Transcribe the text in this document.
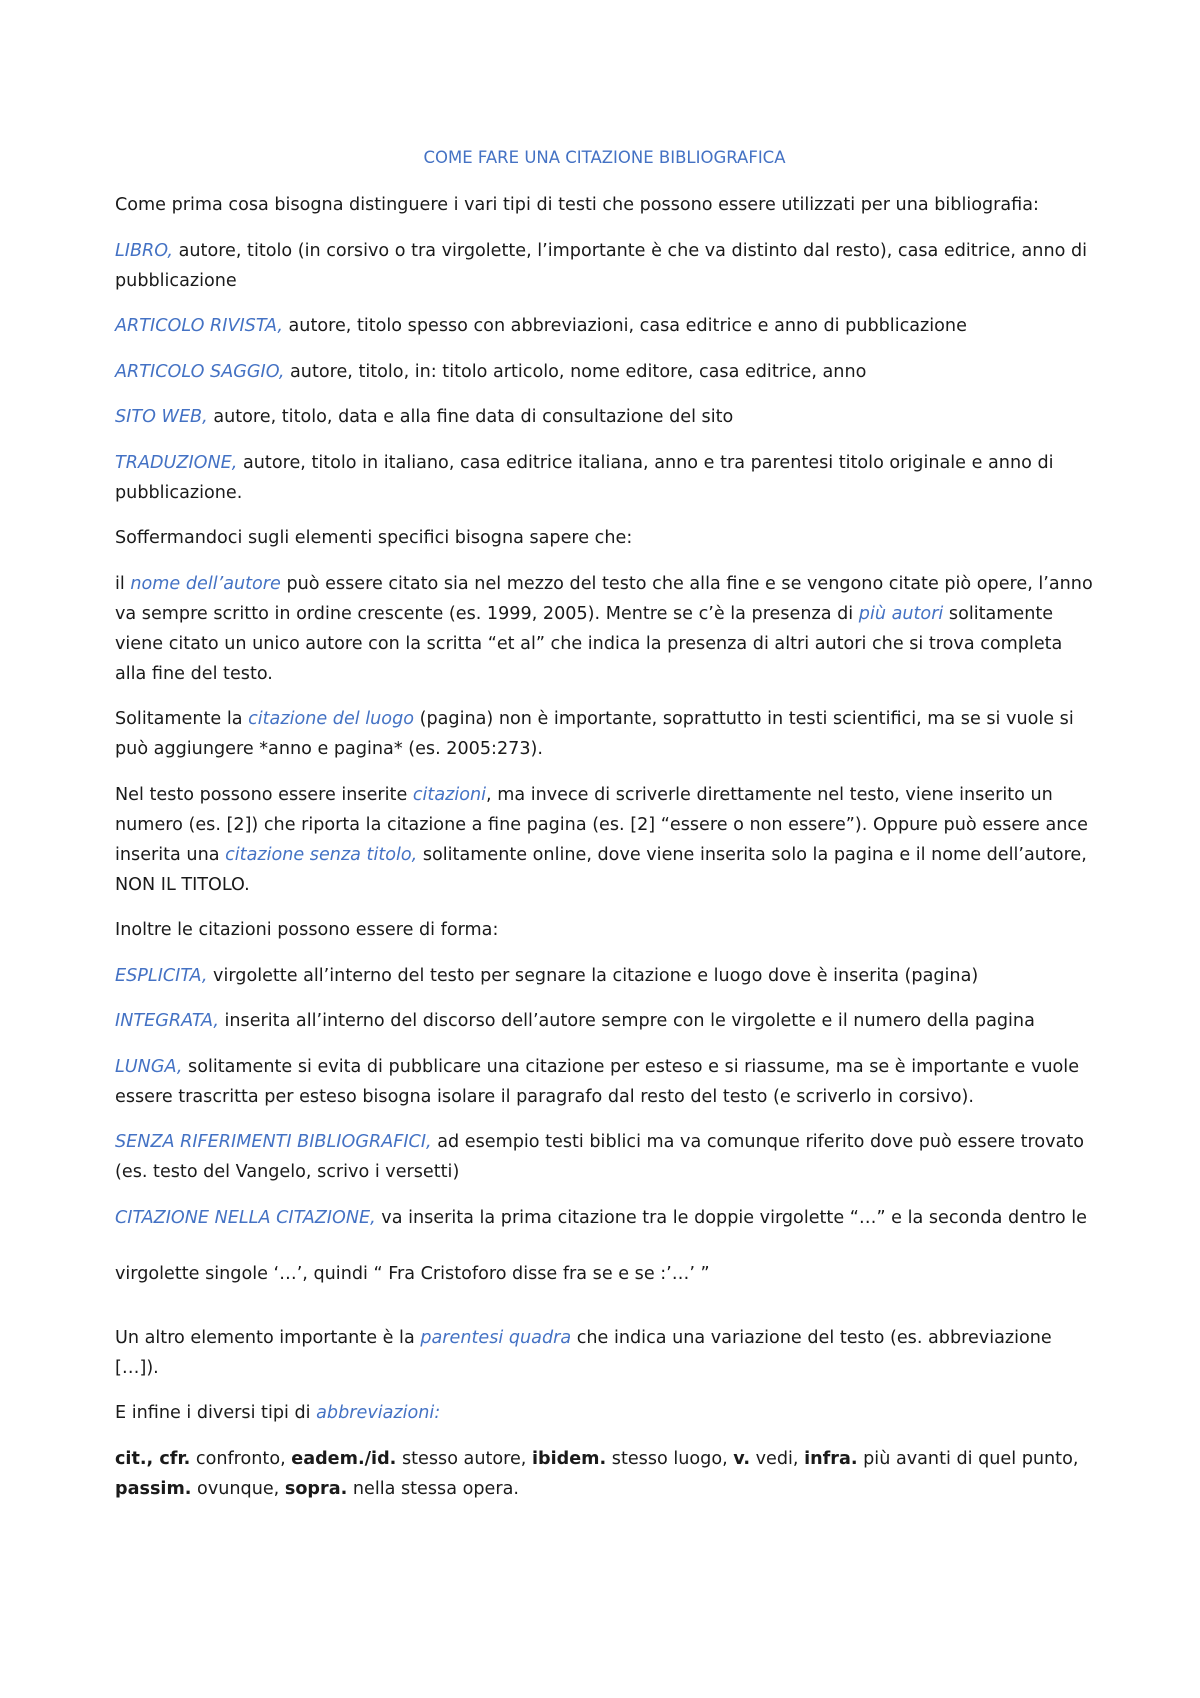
COME FARE UNA CITAZIONE BIBLIOGRAFICA

Come prima cosa bisogna distinguere i vari tipi di testi che possono essere utilizzati per una bibliografia:

LIBRO, autore, titolo (in corsivo o tra virgolette, l’importante è che va distinto dal resto), casa editrice, anno di pubblicazione

ARTICOLO RIVISTA, autore, titolo spesso con abbreviazioni, casa editrice e anno di pubblicazione

ARTICOLO SAGGIO, autore, titolo, in: titolo articolo, nome editore, casa editrice, anno

SITO WEB, autore, titolo, data e alla fine data di consultazione del sito

TRADUZIONE, autore, titolo in italiano, casa editrice italiana, anno e tra parentesi titolo originale e anno di pubblicazione.

Soffermandoci sugli elementi specifici bisogna sapere che:

il nome dell’autore può essere citato sia nel mezzo del testo che alla fine e se vengono citate piò opere, l’anno va sempre scritto in ordine crescente (es. 1999, 2005). Mentre se c’è la presenza di più autori solitamente viene citato un unico autore con la scritta “et al” che indica la presenza di altri autori che si trova completa alla fine del testo.

Solitamente la citazione del luogo (pagina) non è importante, soprattutto in testi scientifici, ma se si vuole si può aggiungere *anno e pagina* (es. 2005:273).

Nel testo possono essere inserite citazioni, ma invece di scriverle direttamente nel testo, viene inserito un numero (es. [2]) che riporta la citazione a fine pagina (es. [2] “essere o non essere”). Oppure può essere ance inserita una citazione senza titolo, solitamente online, dove viene inserita solo la pagina e il nome dell’autore, NON IL TITOLO.

Inoltre le citazioni possono essere di forma:

ESPLICITA, virgolette all’interno del testo per segnare la citazione e luogo dove è inserita (pagina)

INTEGRATA, inserita all’interno del discorso dell’autore sempre con le virgolette e il numero della pagina

LUNGA, solitamente si evita di pubblicare una citazione per esteso e si riassume, ma se è importante e vuole essere trascritta per esteso bisogna isolare il paragrafo dal resto del testo (e scriverlo in corsivo).

SENZA RIFERIMENTI BIBLIOGRAFICI, ad esempio testi biblici ma va comunque riferito dove può essere trovato (es. testo del Vangelo, scrivo i versetti)

CITAZIONE NELLA CITAZIONE, va inserita la prima citazione tra le doppie virgolette “…” e la seconda dentro le

virgolette singole ‘…’, quindi “ Fra Cristoforo disse fra se e se :’…’ ”

Un altro elemento importante è la parentesi quadra che indica una variazione del testo (es. abbreviazione […]).

E infine i diversi tipi di abbreviazioni:

cit., cfr. confronto, eadem./id. stesso autore, ibidem. stesso luogo, v. vedi, infra. più avanti di quel punto, passim. ovunque, sopra. nella stessa opera.
